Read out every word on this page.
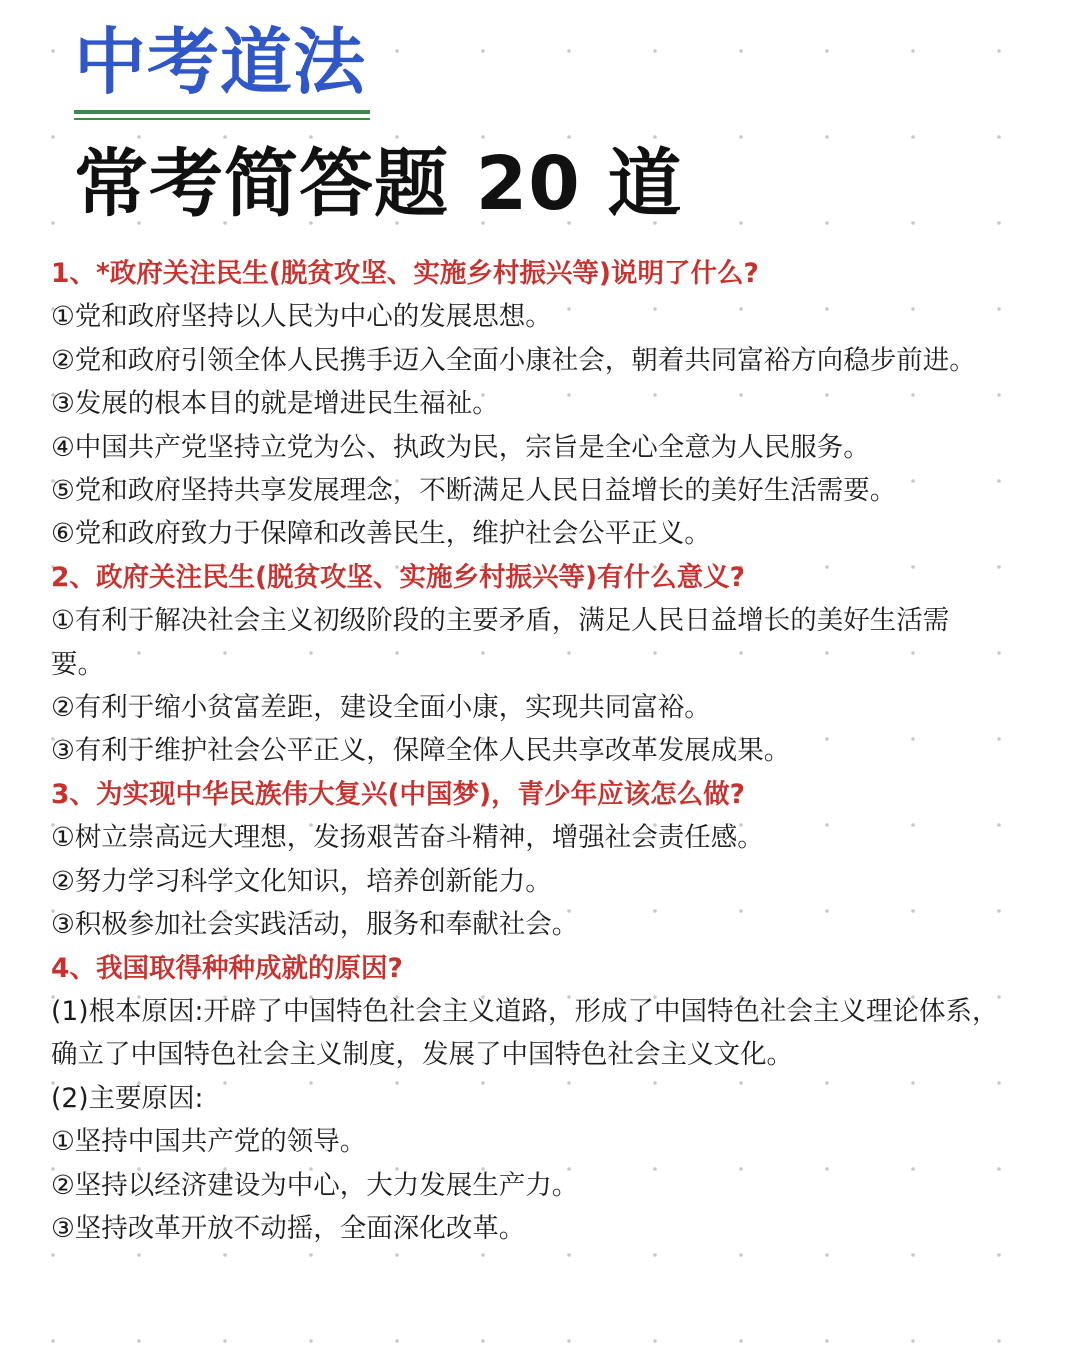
中考道法
常考简答题 20 道
1、*政府关注民生(脱贫攻坚、实施乡村振兴等)说明了什么?
①党和政府坚持以人民为中心的发展思想。
②党和政府引领全体人民携手迈入全面小康社会，朝着共同富裕方向稳步前进。
③发展的根本目的就是增进民生福祉。
④中国共产党坚持立党为公、执政为民，宗旨是全心全意为人民服务。
⑤党和政府坚持共享发展理念，不断满足人民日益增长的美好生活需要。
⑥党和政府致力于保障和改善民生，维护社会公平正义。
2、政府关注民生(脱贫攻坚、实施乡村振兴等)有什么意义?
①有利于解决社会主义初级阶段的主要矛盾，满足人民日益增长的美好生活需要。
②有利于缩小贫富差距，建设全面小康，实现共同富裕。
③有利于维护社会公平正义，保障全体人民共享改革发展成果。
3、为实现中华民族伟大复兴(中国梦)，青少年应该怎么做?
①树立崇高远大理想，发扬艰苦奋斗精神，增强社会责任感。
②努力学习科学文化知识，培养创新能力。
③积极参加社会实践活动，服务和奉献社会。
4、我国取得种种成就的原因?
(1)根本原因:开辟了中国特色社会主义道路，形成了中国特色社会主义理论体系，确立了中国特色社会主义制度，发展了中国特色社会主义文化。
(2)主要原因:
①坚持中国共产党的领导。
②坚持以经济建设为中心，大力发展生产力。
③坚持改革开放不动摇，全面深化改革。
